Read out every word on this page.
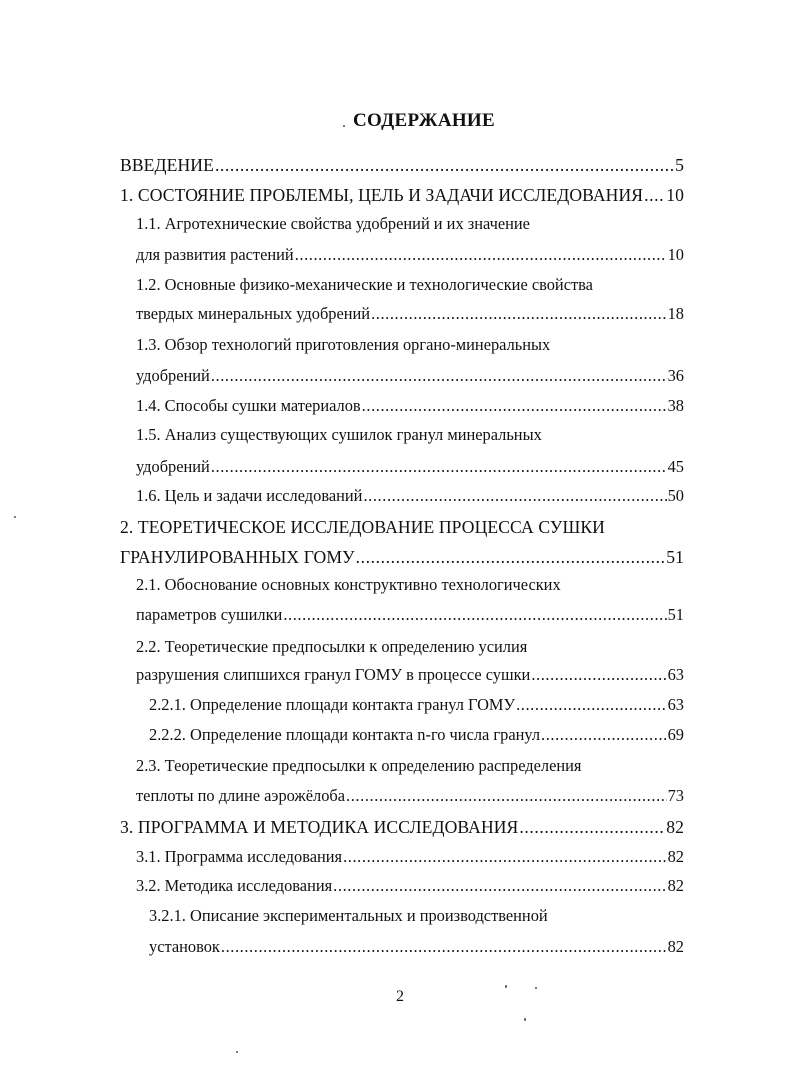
СОДЕРЖАНИЕ
ВВЕДЕНИЕ .....	5
1. СОСТОЯНИЕ ПРОБЛЕМЫ, ЦЕЛЬ И ЗАДАЧИ ИССЛЕДОВАНИЯ ..... 10
1.1. Агротехнические свойства удобрений и их значение
для развития растений .....	10
1.2. Основные физико-механические и технологические свойства
твердых минеральных удобрений .....	18
1.3. Обзор технологий приготовления органо-минеральных
удобрений .....	36
1.4. Способы сушки материалов .....	38
1.5. Анализ существующих сушилок гранул минеральных
удобрений .....	45
1.6. Цель и задачи исследований .....	50
2. ТЕОРЕТИЧЕСКОЕ ИССЛЕДОВАНИЕ ПРОЦЕССА СУШКИ
ГРАНУЛИРОВАННЫХ ГОМУ .....	51
2.1. Обоснование основных конструктивно технологических
параметров сушилки .....	51
2.2. Теоретические предпосылки к определению усилия
разрушения слипшихся гранул ГОМУ в процессе сушки .....	63
2.2.1. Определение площади контакта гранул ГОМУ .....	63
2.2.2. Определение площади контакта n-го числа гранул .....	69
2.3. Теоретические предпосылки к определению распределения
теплоты по длине аэрожёлоба .....	73
3. ПРОГРАММА И МЕТОДИКА ИССЛЕДОВАНИЯ .....	82
3.1. Программа исследования .....	82
3.2. Методика исследования .....	82
3.2.1. Описание экспериментальных и производственной
установок .....	82
2
